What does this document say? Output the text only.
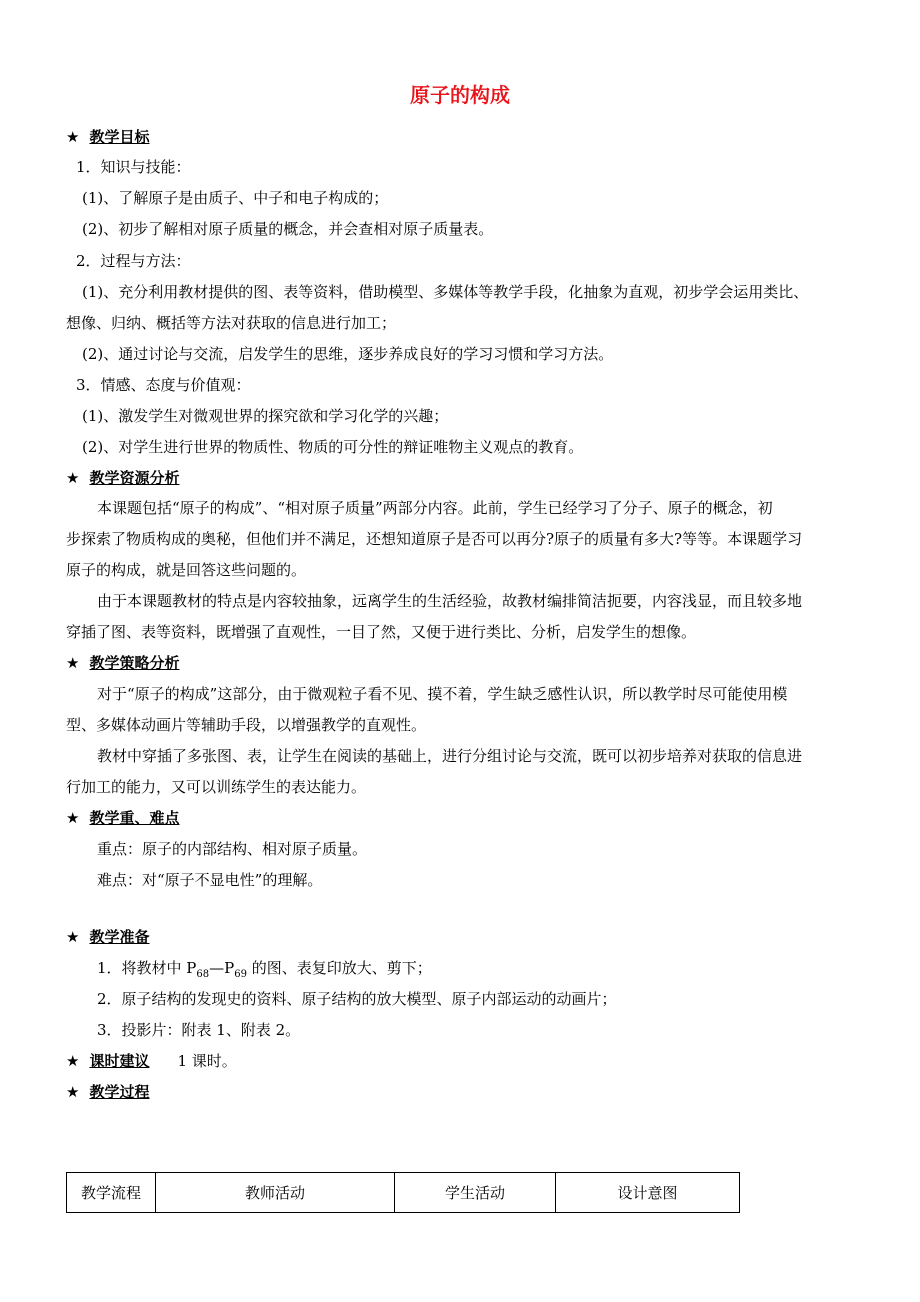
原子的构成
★ 教学目标
1．知识与技能：
(1)、了解原子是由质子、中子和电子构成的；
(2)、初步了解相对原子质量的概念，并会查相对原子质量表。
2．过程与方法：
(1)、充分利用教材提供的图、表等资料，借助模型、多媒体等教学手段，化抽象为直观，初步学会运用类比、
想像、归纳、概括等方法对获取的信息进行加工；
(2)、通过讨论与交流，启发学生的思维，逐步养成良好的学习习惯和学习方法。
3．情感、态度与价值观：
(1)、激发学生对微观世界的探究欲和学习化学的兴趣；
(2)、对学生进行世界的物质性、物质的可分性的辩证唯物主义观点的教育。
★ 教学资源分析
本课题包括“原子的构成”、“相对原子质量”两部分内容。此前，学生已经学习了分子、原子的概念，初
步探索了物质构成的奥秘，但他们并不满足，还想知道原子是否可以再分?原子的质量有多大?等等。本课题学习
原子的构成，就是回答这些问题的。
由于本课题教材的特点是内容较抽象，远离学生的生活经验，故教材编排简洁扼要，内容浅显，而且较多地
穿插了图、表等资料，既增强了直观性，一目了然，又便于进行类比、分析，启发学生的想像。
★ 教学策略分析
对于“原子的构成”这部分，由于微观粒子看不见、摸不着，学生缺乏感性认识，所以教学时尽可能使用模
型、多媒体动画片等辅助手段，以增强教学的直观性。
教材中穿插了多张图、表，让学生在阅读的基础上，进行分组讨论与交流，既可以初步培养对获取的信息进
行加工的能力，又可以训练学生的表达能力。
★ 教学重、难点
重点：原子的内部结构、相对原子质量。
难点：对“原子不显电性”的理解。
★ 教学准备
1．将教材中 $P_{68}—P_{69}$ 的图、表复印放大、剪下；
2．原子结构的发现史的资料、原子结构的放大模型、原子内部运动的动画片；
3．投影片：附表 1、附表 2。
★ 课时建议 1 课时。
★ 教学过程
教学流程	教师活动	学生活动	设计意图
